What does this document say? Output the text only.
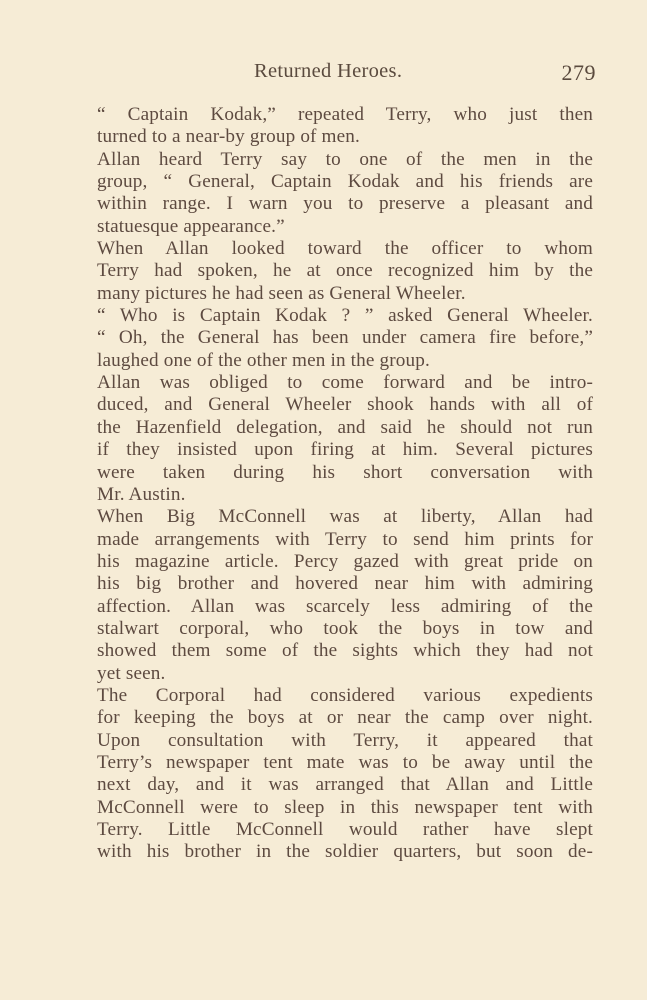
Returned Heroes.	279
“ Captain Kodak,” repeated Terry, who just then
turned to a near-by group of men.
Allan heard Terry say to one of the men in the
group, “ General, Captain Kodak and his friends are
within range. I warn you to preserve a pleasant and
statuesque appearance.”
When Allan looked toward the officer to whom
Terry had spoken, he at once recognized him by the
many pictures he had seen as General Wheeler.
“ Who is Captain Kodak ? ” asked General Wheeler.
“ Oh, the General has been under camera fire before,”
laughed one of the other men in the group.
Allan was obliged to come forward and be intro-
duced, and General Wheeler shook hands with all of
the Hazenfield delegation, and said he should not run
if they insisted upon firing at him. Several pictures
were taken during his short conversation with
Mr. Austin.
When Big McConnell was at liberty, Allan had
made arrangements with Terry to send him prints for
his magazine article. Percy gazed with great pride on
his big brother and hovered near him with admiring
affection. Allan was scarcely less admiring of the
stalwart corporal, who took the boys in tow and
showed them some of the sights which they had not
yet seen.
The Corporal had considered various expedients
for keeping the boys at or near the camp over night.
Upon consultation with Terry, it appeared that
Terry’s newspaper tent mate was to be away until the
next day, and it was arranged that Allan and Little
McConnell were to sleep in this newspaper tent with
Terry. Little McConnell would rather have slept
with his brother in the soldier quarters, but soon de-
